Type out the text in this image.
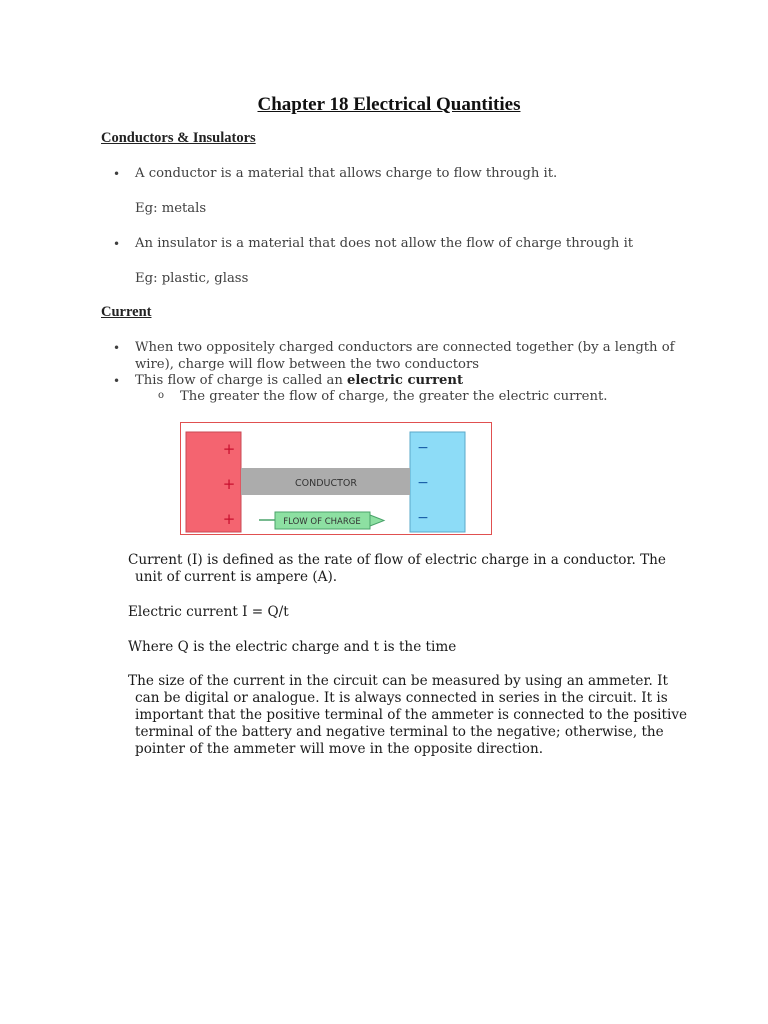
Chapter 18 Electrical Quantities
Conductors & Insulators
• A conductor is a material that allows charge to flow through it.
Eg: metals
• An insulator is a material that does not allow the flow of charge through it
Eg: plastic, glass
Current
• When two oppositely charged conductors are connected together (by a length of
wire), charge will flow between the two conductors
• This flow of charge is called an electric current
o The greater the flow of charge, the greater the electric current.
CONDUCTOR
+
+
+
−
−
−
FLOW OF CHARGE
Current (I) is defined as the rate of flow of electric charge in a conductor. The
unit of current is ampere (A).
Electric current I = Q/t
Where Q is the electric charge and t is the time
The size of the current in the circuit can be measured by using an ammeter. It
can be digital or analogue. It is always connected in series in the circuit. It is
important that the positive terminal of the ammeter is connected to the positive
terminal of the battery and negative terminal to the negative; otherwise, the
pointer of the ammeter will move in the opposite direction.
